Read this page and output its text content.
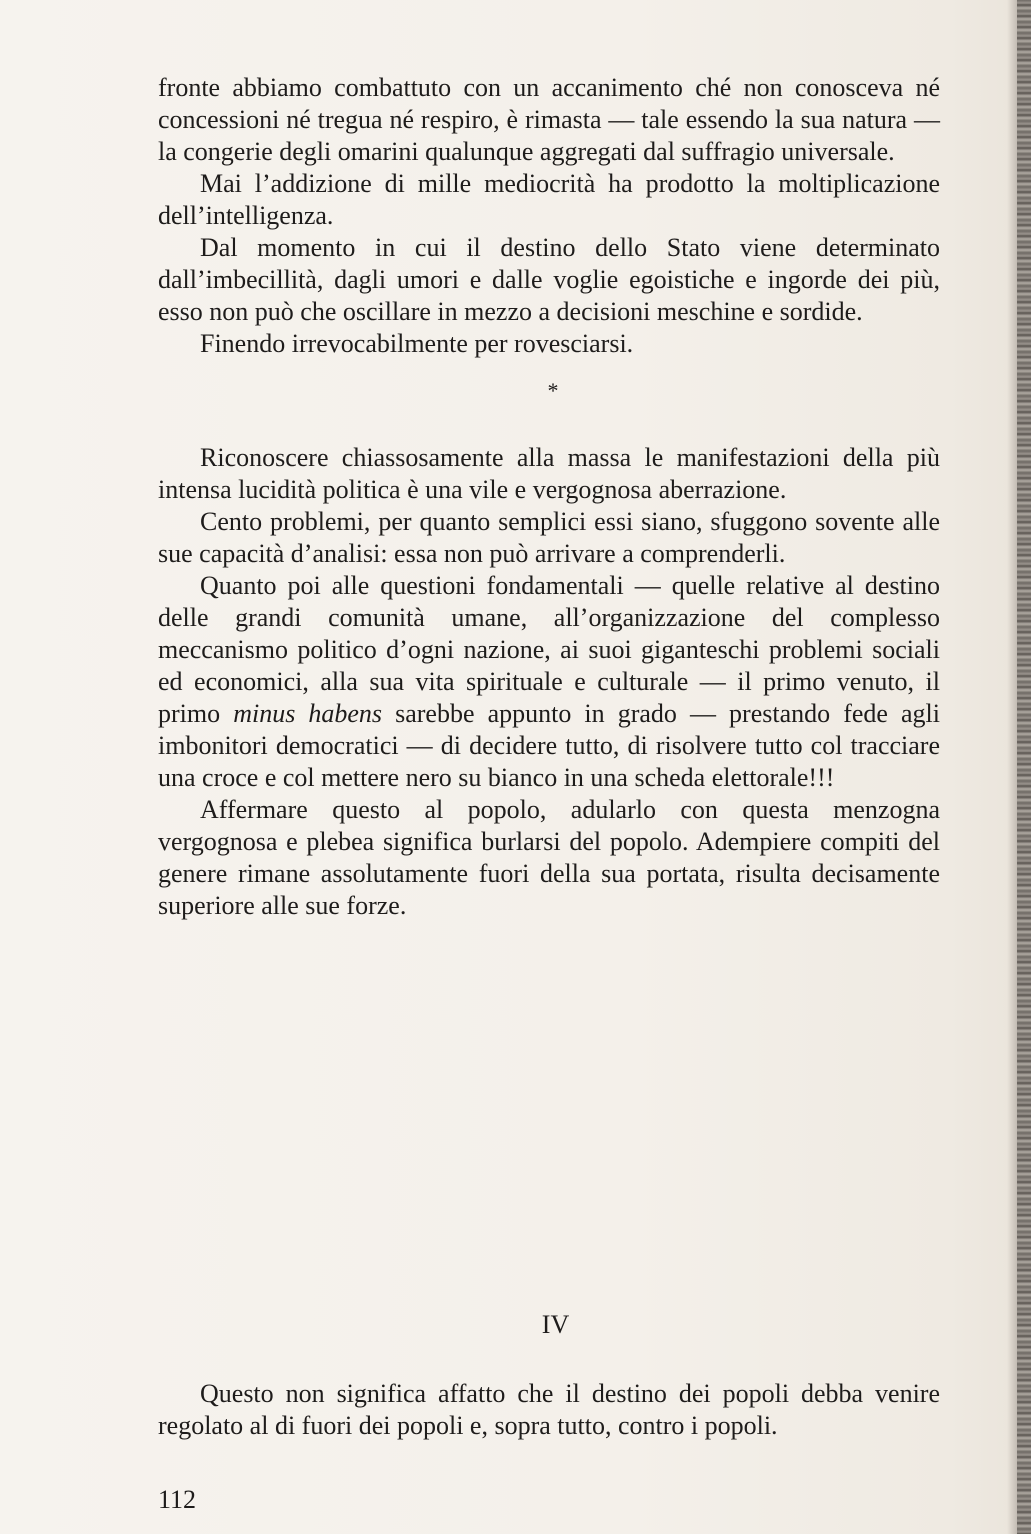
fronte abbiamo combattuto con un accanimento ché non conosceva né concessioni né tregua né respiro, è rimasta — tale essendo la sua natura — la congerie degli omarini qualunque aggregati dal suffragio universale.

Mai l’addizione di mille mediocrità ha prodotto la moltiplicazione dell’intelligenza.

Dal momento in cui il destino dello Stato viene determinato dall’imbecillità, dagli umori e dalle voglie egoistiche e ingorde dei più, esso non può che oscillare in mezzo a decisioni meschine e sordide.

Finendo irrevocabilmente per rovesciarsi.

*

Riconoscere chiassosamente alla massa le manifestazioni della più intensa lucidità politica è una vile e vergognosa aberrazione.

Cento problemi, per quanto semplici essi siano, sfuggono sovente alle sue capacità d’analisi: essa non può arrivare a comprenderli.

Quanto poi alle questioni fondamentali — quelle relative al destino delle grandi comunità umane, all’organizzazione del complesso meccanismo politico d’ogni nazione, ai suoi giganteschi problemi sociali ed economici, alla sua vita spirituale e culturale — il primo venuto, il primo minus habens sarebbe appunto in grado — prestando fede agli imbonitori democratici — di decidere tutto, di risolvere tutto col tracciare una croce e col mettere nero su bianco in una scheda elettorale!!!

Affermare questo al popolo, adularlo con questa menzogna vergognosa e plebea significa burlarsi del popolo. Adempiere compiti del genere rimane assolutamente fuori della sua portata, risulta decisamente superiore alle sue forze.

IV

Questo non significa affatto che il destino dei popoli debba venire regolato al di fuori dei popoli e, sopra tutto, contro i popoli.

112
